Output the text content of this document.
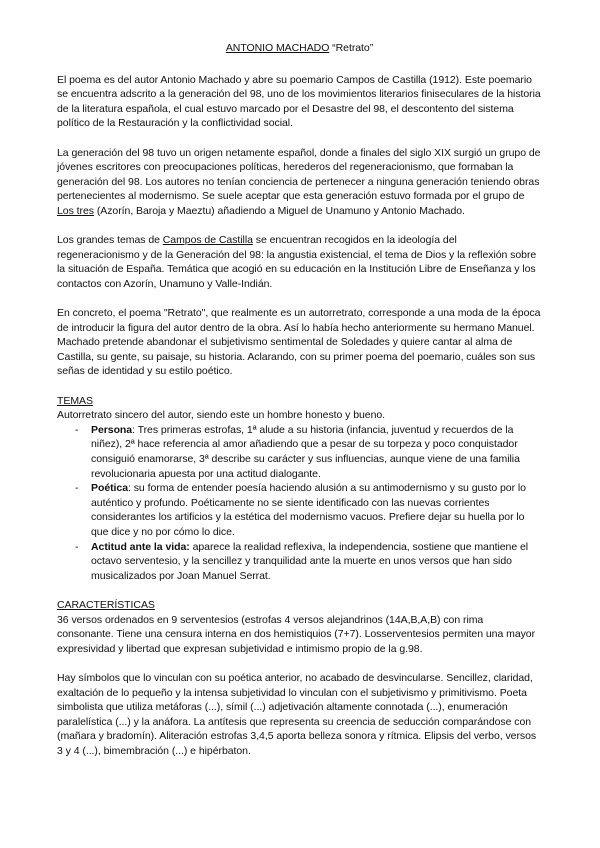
ANTONIO MACHADO “Retrato”

El poema es del autor Antonio Machado y abre su poemario Campos de Castilla (1912). Este poemario se encuentra adscrito a la generación del 98, uno de los movimientos literarios finiseculares de la historia de la literatura española, el cual estuvo marcado por el Desastre del 98, el descontento del sistema político de la Restauración y la conflictividad social.

La generación del 98 tuvo un origen netamente español, donde a finales del siglo XIX surgió un grupo de jóvenes escritores con preocupaciones políticas, herederos del regeneracionismo, que formaban la generación del 98. Los autores no tenían conciencia de pertenecer a ninguna generación teniendo obras pertenecientes al modernismo. Se suele aceptar que esta generación estuvo formada por el grupo de Los tres (Azorín, Baroja y Maeztu) añadiendo a Miguel de Unamuno y Antonio Machado.

Los grandes temas de Campos de Castilla se encuentran recogidos en la ideología del regeneracionismo y de la Generación del 98: la angustia existencial, el tema de Dios y la reflexión sobre la situación de España. Temática que acogió en su educación en la Institución Libre de Enseñanza y los contactos con Azorín, Unamuno y Valle-Indián.

En concreto, el poema "Retrato", que realmente es un autorretrato, corresponde a una moda de la época de introducir la figura del autor dentro de la obra. Así lo había hecho anteriormente su hermano Manuel. Machado pretende abandonar el subjetivismo sentimental de Soledades y quiere cantar al alma de Castilla, su gente, su paisaje, su historia. Aclarando, con su primer poema del poemario, cuáles son sus señas de identidad y su estilo poético.

TEMAS

Autorretrato sincero del autor, siendo este un hombre honesto y bueno.

- Persona: Tres primeras estrofas, 1ª alude a su historia (infancia, juventud y recuerdos de la niñez), 2ª hace referencia al amor añadiendo que a pesar de su torpeza y poco conquistador consiguió enamorarse, 3ª describe su carácter y sus influencias, aunque viene de una familia revolucionaria apuesta por una actitud dialogante.
- Poética: su forma de entender poesía haciendo alusión a su antimodernismo y su gusto por lo auténtico y profundo. Poéticamente no se siente identificado con las nuevas corrientes considerantes los artificios y la estética del modernismo vacuos. Prefiere dejar su huella por lo que dice y no por cómo lo dice.
- Actitud ante la vida: aparece la realidad reflexiva, la independencia, sostiene que mantiene el octavo serventesio, y la sencillez y tranquilidad ante la muerte en unos versos que han sido musicalizados por Joan Manuel Serrat.

CARACTERÍSTICAS

36 versos ordenados en 9 serventesios (estrofas 4 versos alejandrinos (14A,B,A,B) con rima consonante. Tiene una censura interna en dos hemistiquios (7+7). Losserventesios permiten una mayor expresividad y libertad que expresan subjetividad e intimismo propio de la g.98.

Hay símbolos que lo vinculan con su poética anterior, no acabado de desvincularse. Sencillez, claridad, exaltación de lo pequeño y la intensa subjetividad lo vinculan con el subjetivismo y primitivismo. Poeta simbolista que utiliza metáforas (...), símil (...) adjetivación altamente connotada (...), enumeración paralelística (...) y la anáfora. La antítesis que representa su creencia de seducción comparándose con (mañara y bradomín). Aliteración estrofas 3,4,5 aporta belleza sonora y rítmica. Elipsis del verbo, versos 3 y 4 (...), bimembración (...) e hipérbaton.
